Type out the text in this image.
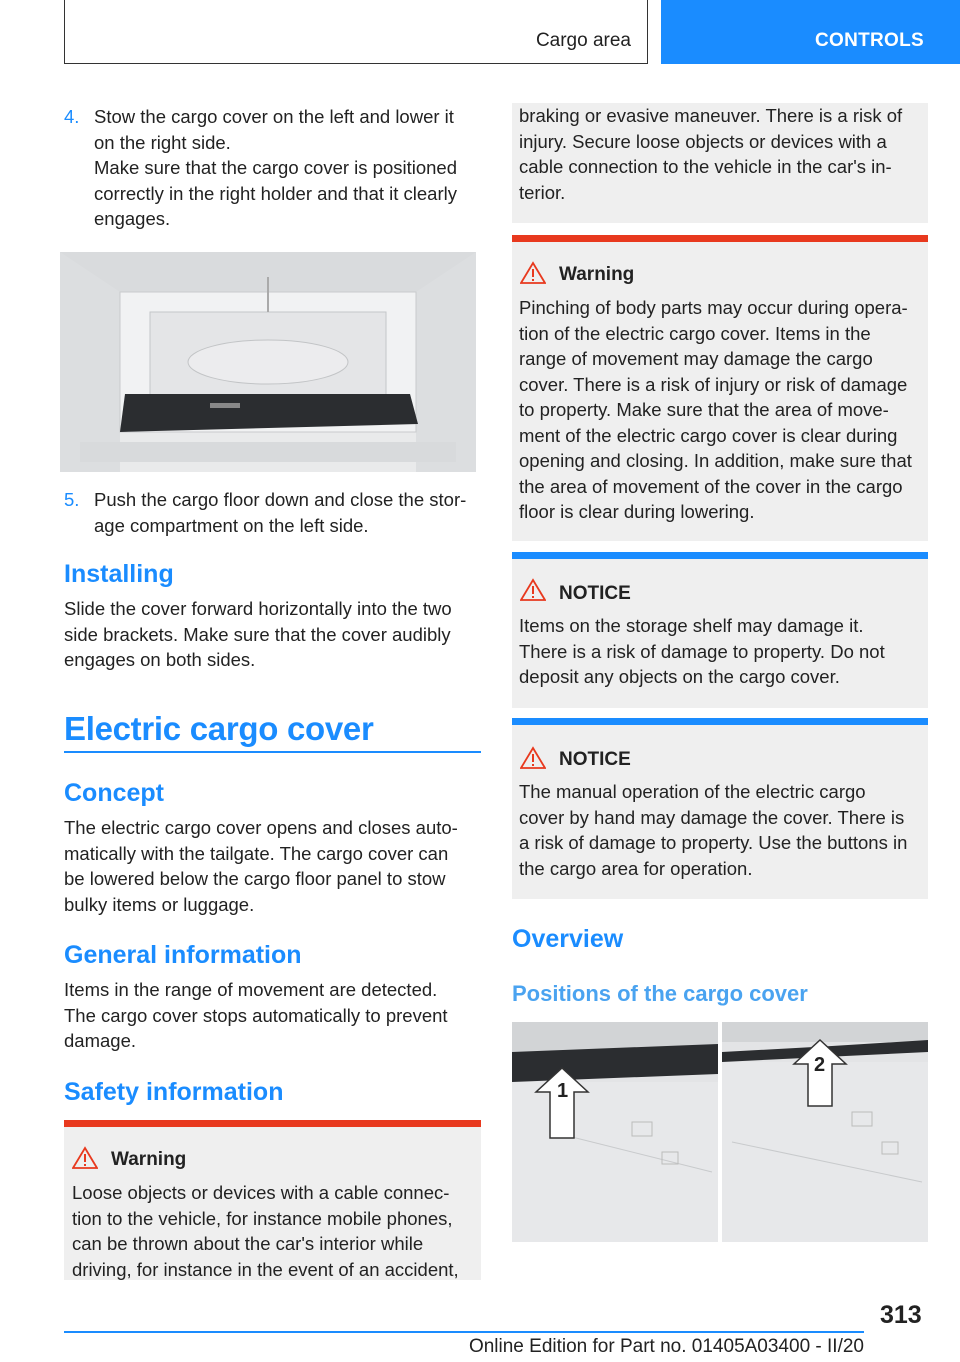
Cargo area	CONTROLS
4. Stow the cargo cover on the left and lower it
on the right side.
Make sure that the cargo cover is positioned
correctly in the right holder and that it clearly
engages.
5. Push the cargo floor down and close the stor-
age compartment on the left side.
Installing
Slide the cover forward horizontally into the two
side brackets. Make sure that the cover audibly
engages on both sides.
Electric cargo cover
Concept
The electric cargo cover opens and closes auto-
matically with the tailgate. The cargo cover can
be lowered below the cargo floor panel to stow
bulky items or luggage.
General information
Items in the range of movement are detected.
The cargo cover stops automatically to prevent
damage.
Safety information
Warning
Loose objects or devices with a cable connec-
tion to the vehicle, for instance mobile phones,
can be thrown about the car's interior while
driving, for instance in the event of an accident,
braking or evasive maneuver. There is a risk of
injury. Secure loose objects or devices with a
cable connection to the vehicle in the car's in-
terior.
Warning
Pinching of body parts may occur during opera-
tion of the electric cargo cover. Items in the
range of movement may damage the cargo
cover. There is a risk of injury or risk of damage
to property. Make sure that the area of move-
ment of the electric cargo cover is clear during
opening and closing. In addition, make sure that
the area of movement of the cover in the cargo
floor is clear during lowering.
NOTICE
Items on the storage shelf may damage it.
There is a risk of damage to property. Do not
deposit any objects on the cargo cover.
NOTICE
The manual operation of the electric cargo
cover by hand may damage the cover. There is
a risk of damage to property. Use the buttons in
the cargo area for operation.
Overview
Positions of the cargo cover
1
2
313
Online Edition for Part no. 01405A03400 - II/20
